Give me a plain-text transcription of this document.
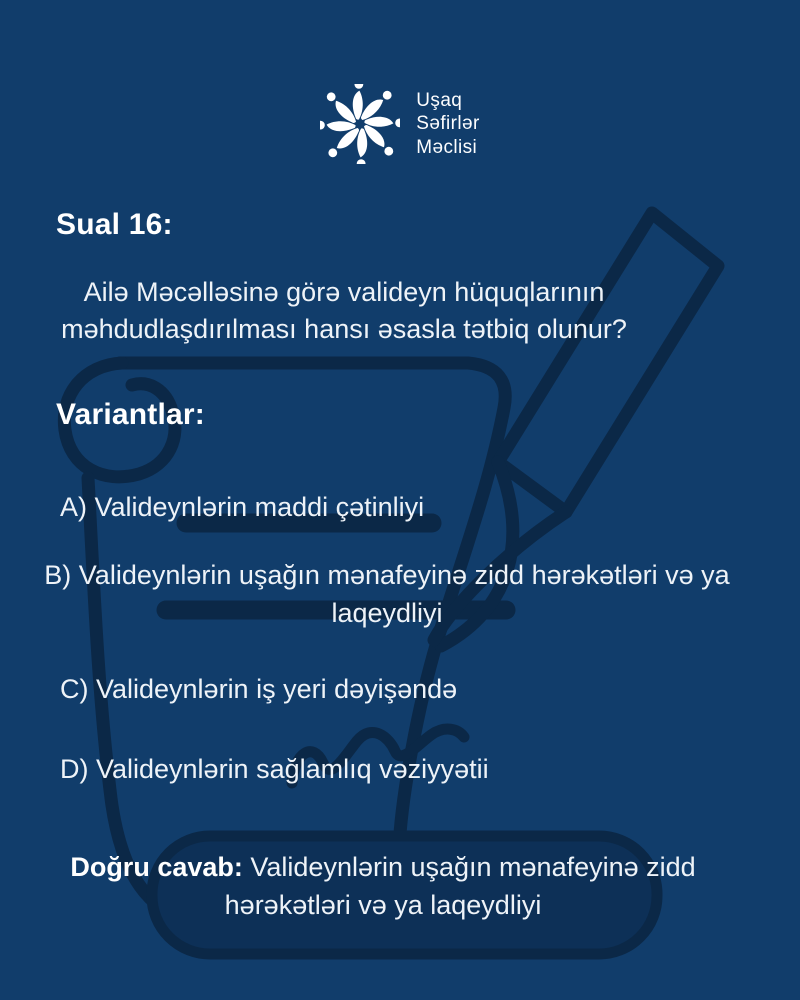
Uşaq
Səfirlər
Məclisi
Sual 16:
Ailə Məcəlləsinə görə valideyn hüquqlarının məhdudlaşdırılması hansı əsasla tətbiq olunur?
Variantlar:
A) Valideynlərin maddi çətinliyi
B) Valideynlərin uşağın mənafeyinə zidd hərəkətləri və ya laqeydliyi
C) Valideynlərin iş yeri dəyişəndə
D) Valideynlərin sağlamlıq vəziyyətii
Doğru cavab: Valideynlərin uşağın mənafeyinə zidd hərəkətləri və ya laqeydliyi
